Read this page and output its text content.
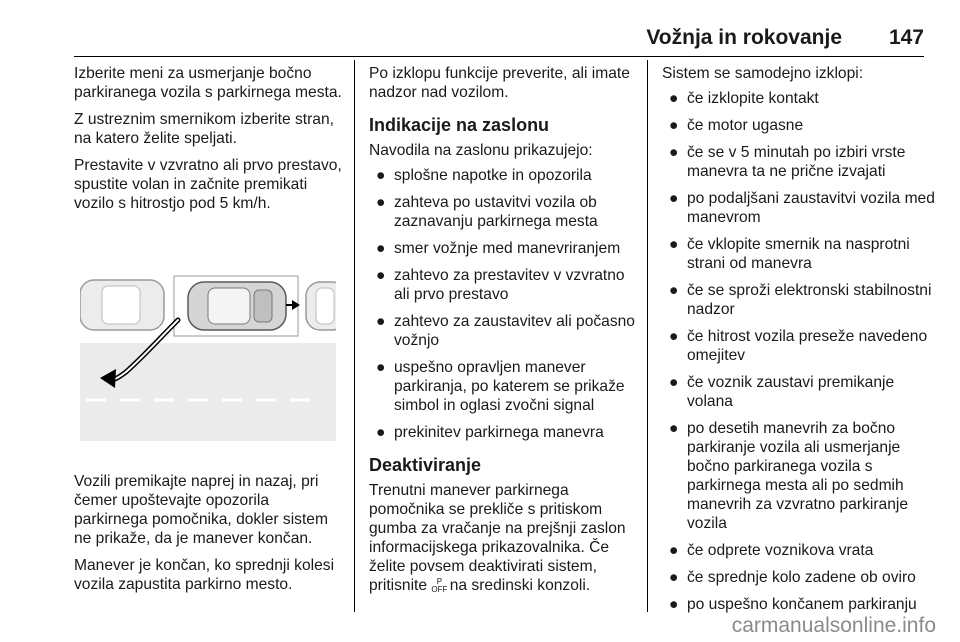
Vožnja in rokovanje 147

Izberite meni za usmerjanje bočno parkiranega vozila s parkirnega mesta.

Z ustreznim smernikom izberite stran, na katero želite speljati.

Prestavite v vzvratno ali prvo prestavo, spustite volan in začnite premikati vozilo s hitrostjo pod 5 km/h.

Vozili premikajte naprej in nazaj, pri čemer upoštevajte opozorila parkirnega pomočnika, dokler sistem ne prikaže, da je manever končan.

Manever je končan, ko sprednji kolesi vozila zapustita parkirno mesto.

Po izklopu funkcije preverite, ali imate nadzor nad vozilom.

Indikacije na zaslonu

Navodila na zaslonu prikazujejo:

● splošne napotke in opozorila
● zahteva po ustavitvi vozila ob zaznavanju parkirnega mesta
● smer vožnje med manevriranjem
● zahtevo za prestavitev v vzvratno ali prvo prestavo
● zahtevo za zaustavitev ali počasno vožnjo
● uspešno opravljen manever parkiranja, po katerem se prikaže simbol in oglasi zvočni signal
● prekinitev parkirnega manevra
Deaktiviranje

Trenutni manever parkirnega pomočnika se prekliče s pritiskom gumba za vračanje na prejšnji zaslon informacijskega prikazovalnika. Če želite povsem deaktivirati sistem, pritisnite P
OFF na sredinski konzoli.

Sistem se samodejno izklopi:

● če izklopite kontakt
● če motor ugasne
● če se v 5 minutah po izbiri vrste manevra ta ne prične izvajati
● po podaljšani zaustavitvi vozila med manevrom
● če vklopite smernik na nasprotni strani od manevra
● če se sproži elektronski stabilnostni nadzor
● če hitrost vozila preseže navedeno omejitev
● če voznik zaustavi premikanje volana
● po desetih manevrih za bočno parkiranje vozila ali usmerjanje bočno parkiranega vozila s parkirnega mesta ali po sedmih manevrih za vzvratno parkiranje vozila
● če odprete voznikova vrata
● če sprednje kolo zadene ob oviro
● po uspešno končanem parkiranju
carmanualsonline.info
